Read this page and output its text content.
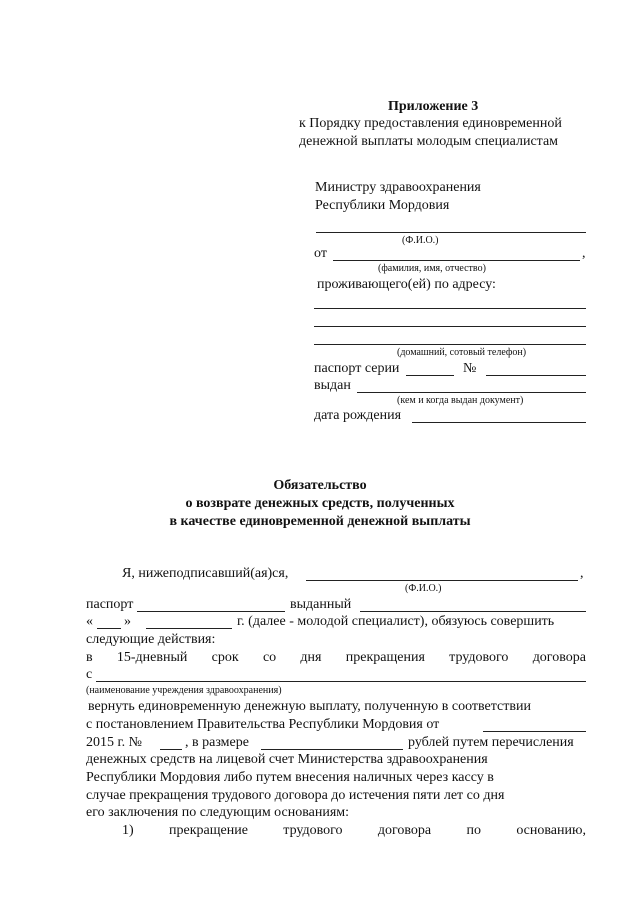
Приложение 3
к Порядку предоставления единовременной
денежной выплаты молодым специалистам
Министру здравоохранения
Республики Мордовия
(Ф.И.О.)
от	,
(фамилия, имя, отчество)
проживающего(ей) по адресу:
(домашний, сотовый телефон)
паспорт серии	№
выдан
(кем и когда выдан документ)
дата рождения
Обязательство
о возврате денежных средств, полученных
в качестве единовременной денежной выплаты
Я, нижеподписавший(ая)ся,	,
(Ф.И.О.)
паспорт	выданный
« »	г. (далее - молодой специалист), обязуюсь совершить
следующие действия:
в 15-дневный срок со дня прекращения трудового договора
с
(наименование учреждения здравоохранения)
вернуть единовременную денежную выплату, полученную в соответствии
с постановлением Правительства Республики Мордовия от
2015 г. №	, в размере	рублей путем перечисления
денежных средств на лицевой счет Министерства здравоохранения
Республики Мордовия либо путем внесения наличных через кассу в
случае прекращения трудового договора до истечения пяти лет со дня
его заключения по следующим основаниям:
1)	прекращение	трудового	договора	по	основанию,
